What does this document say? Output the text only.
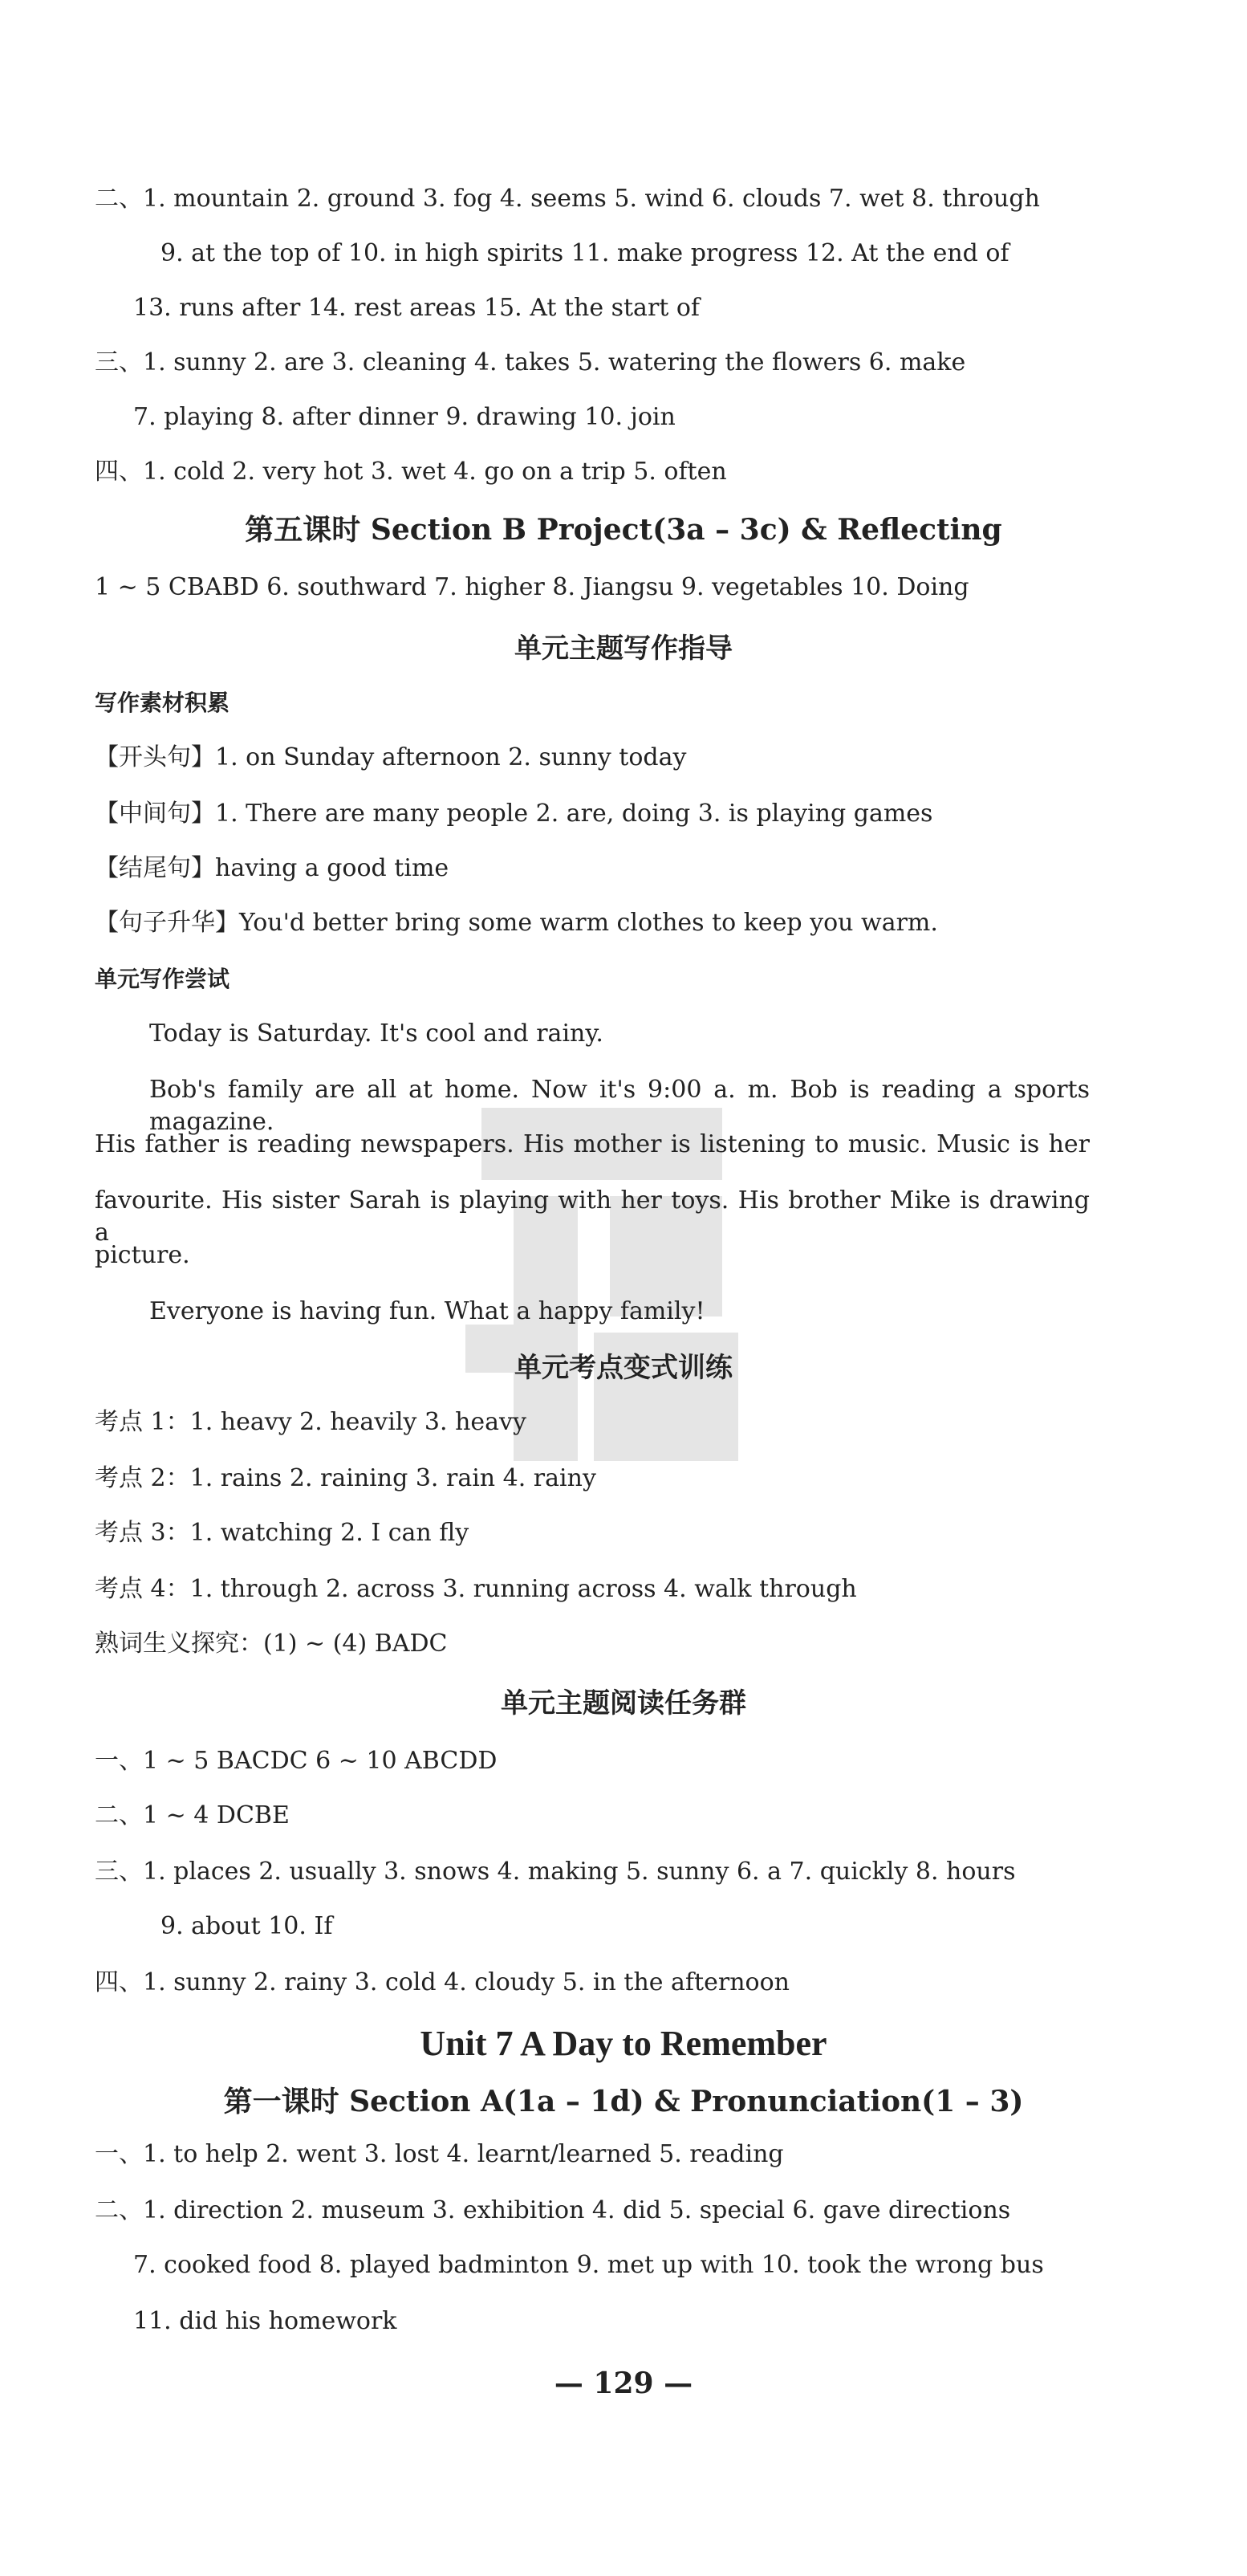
二、1. mountain 2. ground 3. fog 4. seems 5. wind 6. clouds 7. wet 8. through
9. at the top of 10. in high spirits 11. make progress 12. At the end of
13. runs after 14. rest areas 15. At the start of
三、1. sunny 2. are 3. cleaning 4. takes 5. watering the flowers 6. make
7. playing 8. after dinner 9. drawing 10. join
四、1. cold 2. very hot 3. wet 4. go on a trip 5. often
第五课时 Section B Project(3a – 3c) & Reflecting
1 ~ 5 CBABD 6. southward 7. higher 8. Jiangsu 9. vegetables 10. Doing
单元主题写作指导
写作素材积累
【开头句】1. on Sunday afternoon 2. sunny today
【中间句】1. There are many people 2. are, doing 3. is playing games
【结尾句】having a good time
【句子升华】You'd better bring some warm clothes to keep you warm.
单元写作尝试
Today is Saturday. It's cool and rainy.
Bob's family are all at home. Now it's 9:00 a. m. Bob is reading a sports magazine.
His father is reading newspapers. His mother is listening to music. Music is her
favourite. His sister Sarah is playing with her toys. His brother Mike is drawing a
picture.
Everyone is having fun. What a happy family!
单元考点变式训练
考点 1：1. heavy 2. heavily 3. heavy
考点 2：1. rains 2. raining 3. rain 4. rainy
考点 3：1. watching 2. I can fly
考点 4：1. through 2. across 3. running across 4. walk through
熟词生义探究：(1) ~ (4) BADC
单元主题阅读任务群
一、1 ~ 5 BACDC 6 ~ 10 ABCDD
二、1 ~ 4 DCBE
三、1. places 2. usually 3. snows 4. making 5. sunny 6. a 7. quickly 8. hours
9. about 10. If
四、1. sunny 2. rainy 3. cold 4. cloudy 5. in the afternoon
Unit 7 A Day to Remember
第一课时 Section A(1a – 1d) & Pronunciation(1 – 3)
一、1. to help 2. went 3. lost 4. learnt/learned 5. reading
二、1. direction 2. museum 3. exhibition 4. did 5. special 6. gave directions
7. cooked food 8. played badminton 9. met up with 10. took the wrong bus
11. did his homework
— 129 —
